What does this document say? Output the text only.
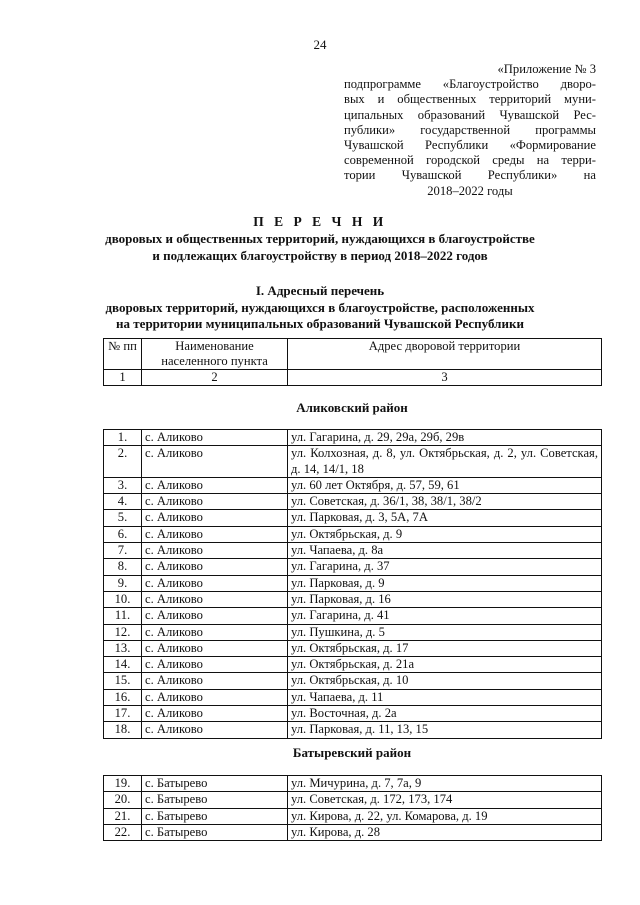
24
«Приложение № 3
подпрограмме «Благоустройство дворо-
вых и общественных территорий муни-
ципальных образований Чувашской Рес-
публики» государственной программы
Чувашской Республики «Формирование
современной городской среды на терри-
тории Чувашской Республики» на
2018–2022 годы
П Е Р Е Ч Н И
дворовых и общественных территорий, нуждающихся в благоустройстве
и подлежащих благоустройству в период 2018–2022 годов
I. Адресный перечень
дворовых территорий, нуждающихся в благоустройстве, расположенных
на территории муниципальных образований Чувашской Республики
№ пп	Наименование населенного пункта	Адрес дворовой территории
1	2	3
Аликовский район
1.	с. Аликово	ул. Гагарина, д. 29, 29а, 29б, 29в
2.	с. Аликово	ул. Колхозная, д. 8, ул. Октябрьская, д. 2, ул. Советская, д. 14, 14/1, 18
3.	с. Аликово	ул. 60 лет Октября, д. 57, 59, 61
4.	с. Аликово	ул. Советская, д. 36/1, 38, 38/1, 38/2
5.	с. Аликово	ул. Парковая, д. 3, 5А, 7А
6.	с. Аликово	ул. Октябрьская, д. 9
7.	с. Аликово	ул. Чапаева, д. 8а
8.	с. Аликово	ул. Гагарина, д. 37
9.	с. Аликово	ул. Парковая, д. 9
10.	с. Аликово	ул. Парковая, д. 16
11.	с. Аликово	ул. Гагарина, д. 41
12.	с. Аликово	ул. Пушкина, д. 5
13.	с. Аликово	ул. Октябрьская, д. 17
14.	с. Аликово	ул. Октябрьская, д. 21а
15.	с. Аликово	ул. Октябрьская, д. 10
16.	с. Аликово	ул. Чапаева, д. 11
17.	с. Аликово	ул. Восточная, д. 2а
18.	с. Аликово	ул. Парковая, д. 11, 13, 15
Батыревский район
19.	с. Батырево	ул. Мичурина, д. 7, 7а, 9
20.	с. Батырево	ул. Советская, д. 172, 173, 174
21.	с. Батырево	ул. Кирова, д. 22, ул. Комарова, д. 19
22.	с. Батырево	ул. Кирова, д. 28
